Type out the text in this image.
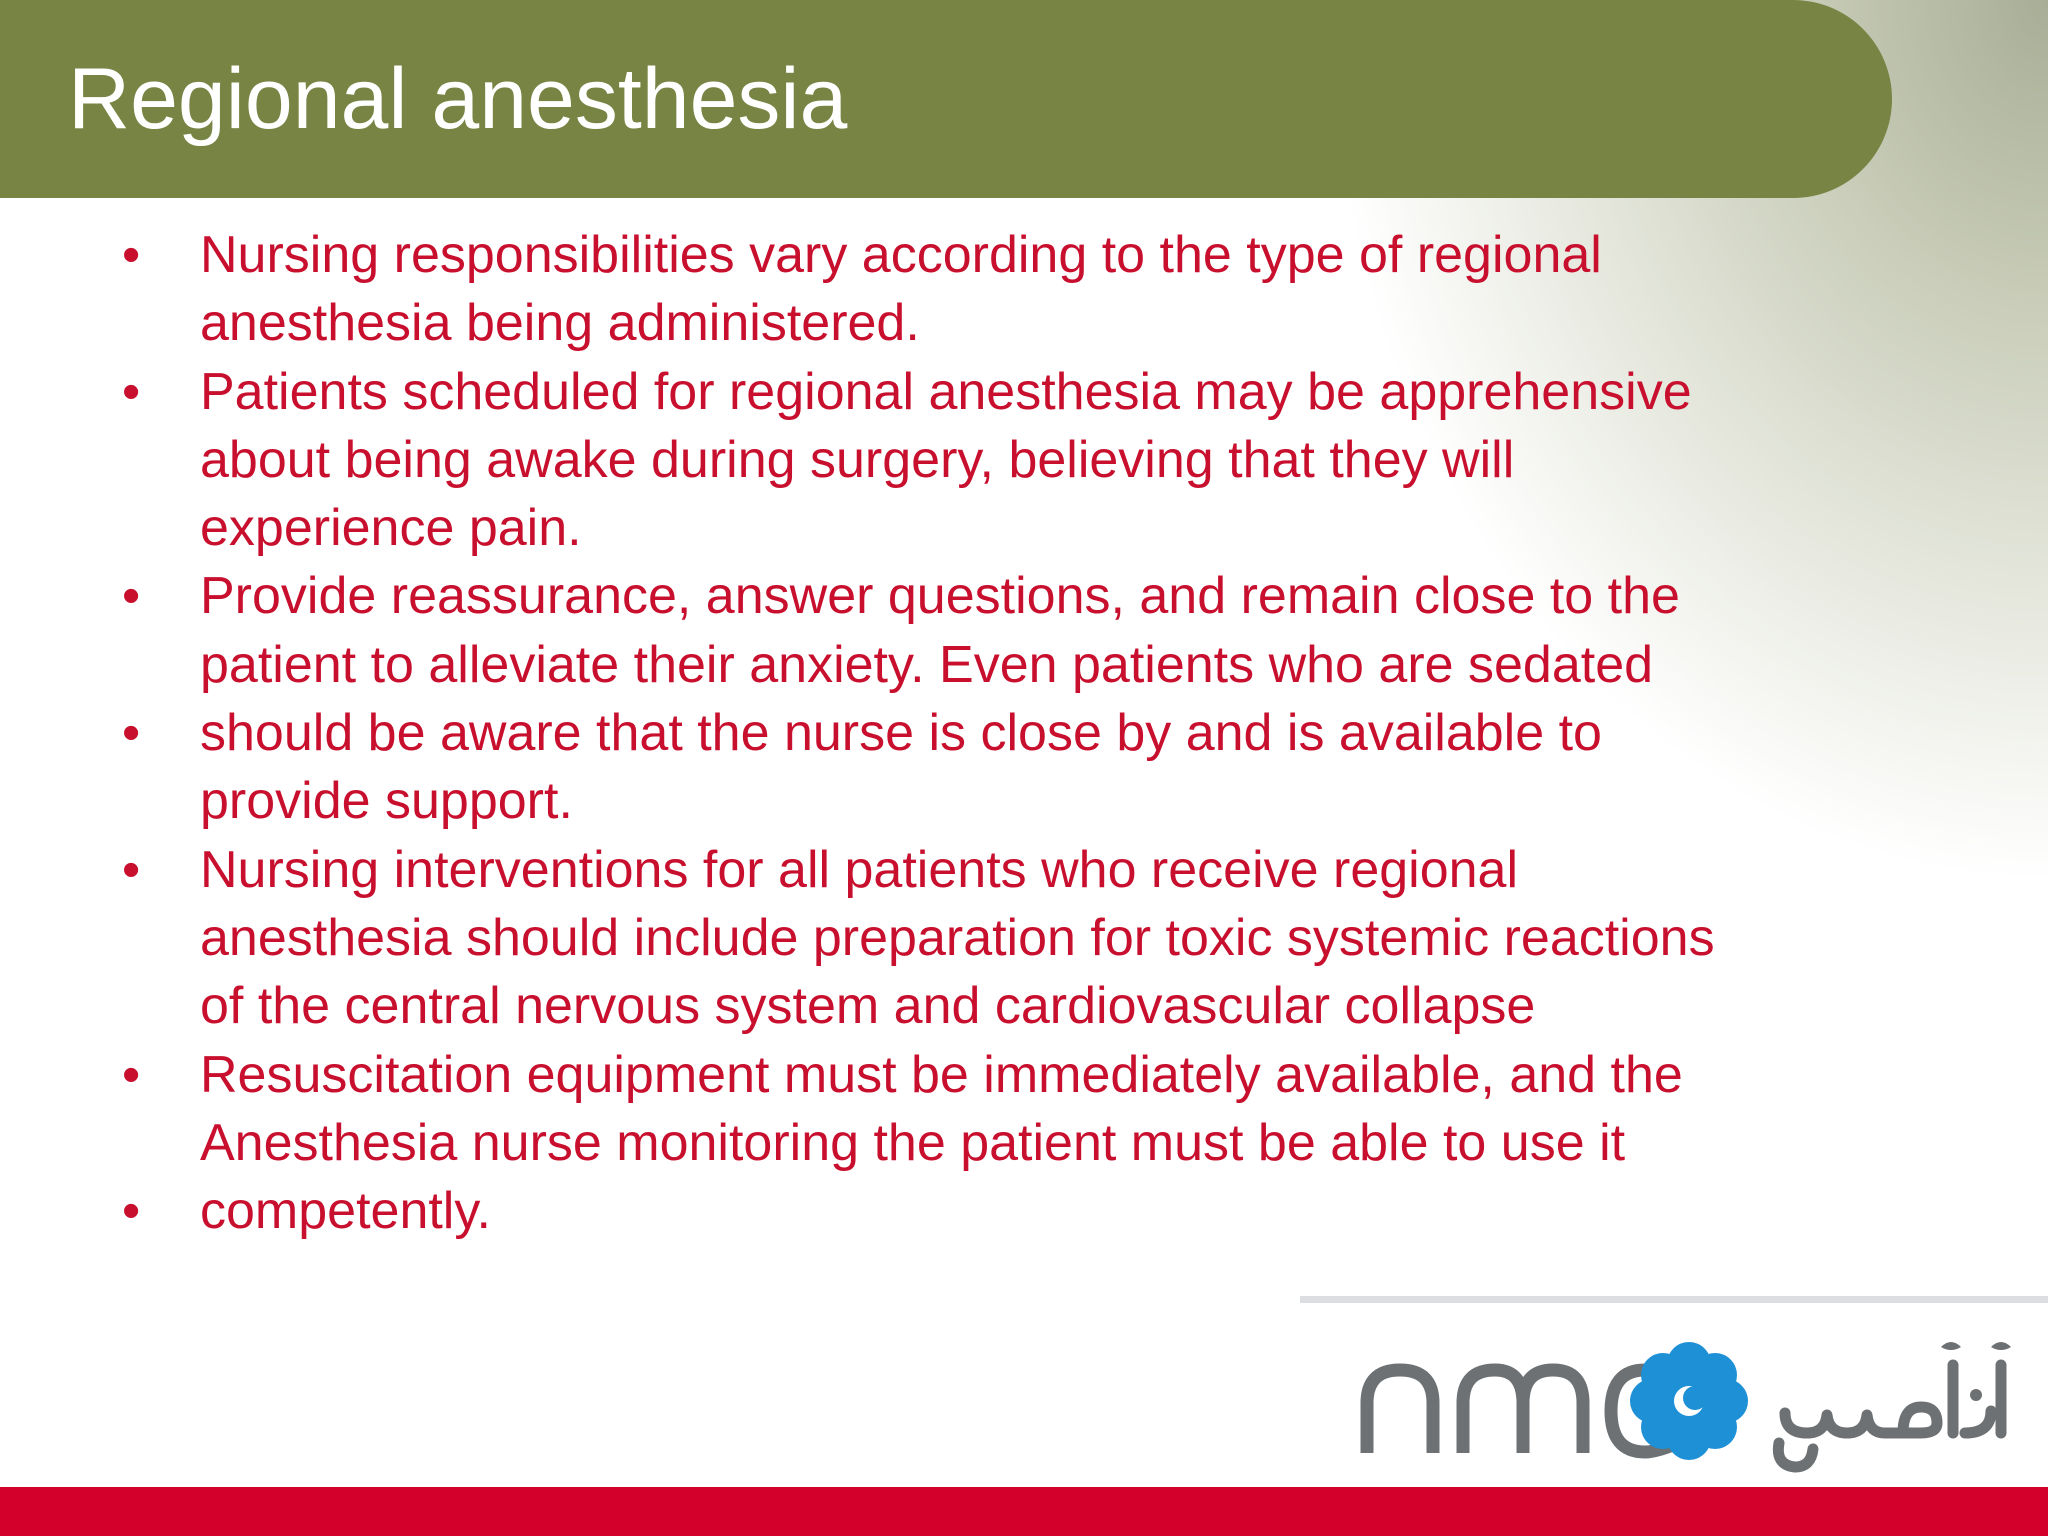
Regional anesthesia
•	Nursing responsibilities vary according to the type of regional
anesthesia being administered.
•	Patients scheduled for regional anesthesia may be apprehensive
about being awake during surgery, believing that they will
experience pain.
•	Provide reassurance, answer questions, and remain close to the
patient to alleviate their anxiety. Even patients who are sedated
•	should be aware that the nurse is close by and is available to
provide support.
•	Nursing interventions for all patients who receive regional
anesthesia should include preparation for toxic systemic reactions
of the central nervous system and cardiovascular collapse
•	Resuscitation equipment must be immediately available, and the
Anesthesia nurse monitoring the patient must be able to use it
•	competently.
